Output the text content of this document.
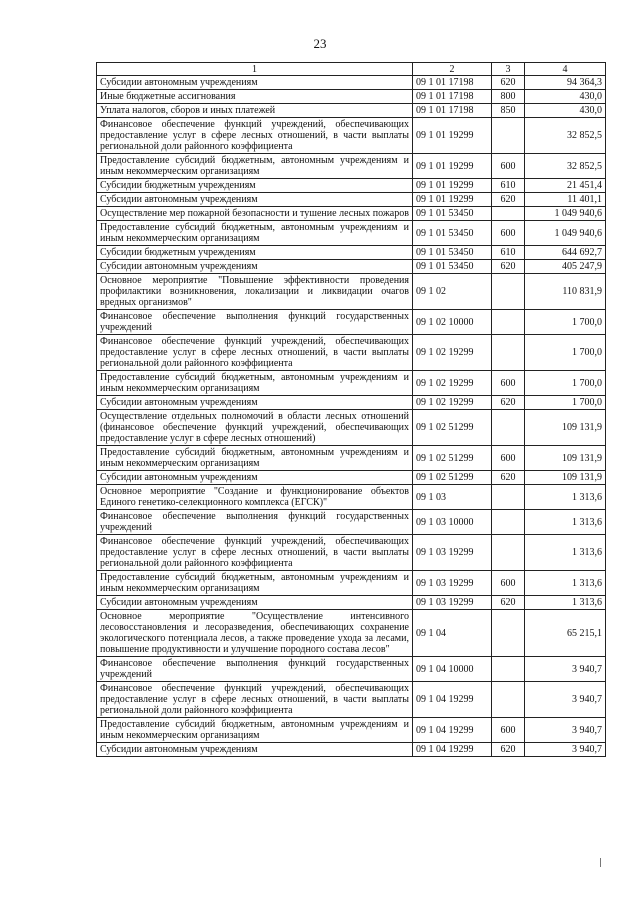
23
1	2	3	4
Субсидии автономным учреждениям	09 1 01 17198	620	94 364,3
Иные бюджетные ассигнования	09 1 01 17198	800	430,0
Уплата налогов, сборов и иных платежей	09 1 01 17198	850	430,0
Финансовое обеспечение функций учреждений, обеспечивающих предоставление услуг в сфере лесных отношений, в части выплаты региональной доли районного коэффициента	09 1 01 19299		32 852,5
Предоставление субсидий бюджетным, автономным учреждениям и иным некоммерческим организациям	09 1 01 19299	600	32 852,5
Субсидии бюджетным учреждениям	09 1 01 19299	610	21 451,4
Субсидии автономным учреждениям	09 1 01 19299	620	11 401,1
Осуществление мер пожарной безопасности и тушение лесных пожаров	09 1 01 53450		1 049 940,6
Предоставление субсидий бюджетным, автономным учреждениям и иным некоммерческим организациям	09 1 01 53450	600	1 049 940,6
Субсидии бюджетным учреждениям	09 1 01 53450	610	644 692,7
Субсидии автономным учреждениям	09 1 01 53450	620	405 247,9
Основное мероприятие "Повышение эффективности проведения профилактики возникновения, локализации и ликвидации очагов вредных организмов"	09 1 02		110 831,9
Финансовое обеспечение выполнения функций государственных учреждений	09 1 02 10000		1 700,0
Финансовое обеспечение функций учреждений, обеспечивающих предоставление услуг в сфере лесных отношений, в части выплаты региональной доли районного коэффициента	09 1 02 19299		1 700,0
Предоставление субсидий бюджетным, автономным учреждениям и иным некоммерческим организациям	09 1 02 19299	600	1 700,0
Субсидии автономным учреждениям	09 1 02 19299	620	1 700,0
Осуществление отдельных полномочий в области лесных отношений (финансовое обеспечение функций учреждений, обеспечивающих предоставление услуг в сфере лесных отношений)	09 1 02 51299		109 131,9
Предоставление субсидий бюджетным, автономным учреждениям и иным некоммерческим организациям	09 1 02 51299	600	109 131,9
Субсидии автономным учреждениям	09 1 02 51299	620	109 131,9
Основное мероприятие "Создание и функционирование объектов Единого генетико-селекционного комплекса (ЕГСК)"	09 1 03		1 313,6
Финансовое обеспечение выполнения функций государственных учреждений	09 1 03 10000		1 313,6
Финансовое обеспечение функций учреждений, обеспечивающих предоставление услуг в сфере лесных отношений, в части выплаты региональной доли районного коэффициента	09 1 03 19299		1 313,6
Предоставление субсидий бюджетным, автономным учреждениям и иным некоммерческим организациям	09 1 03 19299	600	1 313,6
Субсидии автономным учреждениям	09 1 03 19299	620	1 313,6
Основное мероприятие "Осуществление интенсивного лесовосстановления и лесоразведения, обеспечивающих сохранение экологического потенциала лесов, а также проведение ухода за лесами, повышение продуктивности и улучшение породного состава лесов"	09 1 04		65 215,1
Финансовое обеспечение выполнения функций государственных учреждений	09 1 04 10000		3 940,7
Финансовое обеспечение функций учреждений, обеспечивающих предоставление услуг в сфере лесных отношений, в части выплаты региональной доли районного коэффициента	09 1 04 19299		3 940,7
Предоставление субсидий бюджетным, автономным учреждениям и иным некоммерческим организациям	09 1 04 19299	600	3 940,7
Субсидии автономным учреждениям	09 1 04 19299	620	3 940,7
